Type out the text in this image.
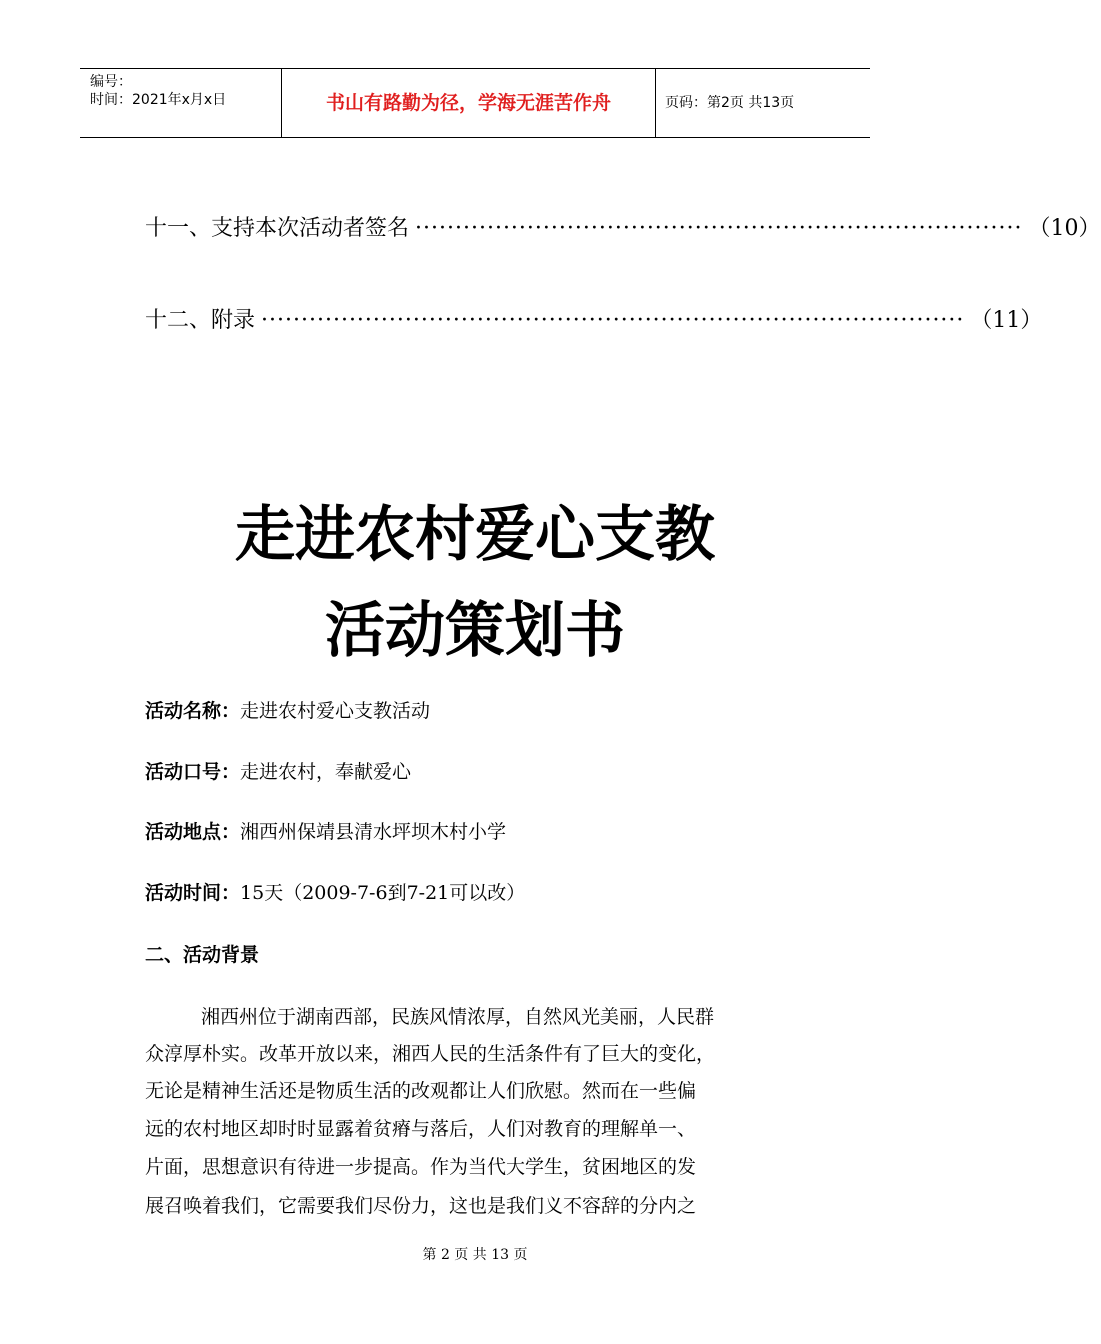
编号：
时间：2021年x月x日	书山有路勤为径，学海无涯苦作舟	页码：第2页 共13页
十一、支持本次活动者签名 ············································································ （10）
十二、附录 ························································································ （11）
走进农村爱心支教
活动策划书
活动名称：走进农村爱心支教活动
活动口号：走进农村，奉献爱心
活动地点：湘西州保靖县清水坪坝木村小学
活动时间：15天（2009-7-6到7-21可以改）
二、活动背景
湘西州位于湖南西部，民族风情浓厚，自然风光美丽，人民群
众淳厚朴实。改革开放以来，湘西人民的生活条件有了巨大的变化，
无论是精神生活还是物质生活的改观都让人们欣慰。然而在一些偏
远的农村地区却时时显露着贫瘠与落后，人们对教育的理解单一、
片面，思想意识有待进一步提高。作为当代大学生，贫困地区的发
展召唤着我们，它需要我们尽份力，这也是我们义不容辞的分内之
第 2 页 共 13 页
